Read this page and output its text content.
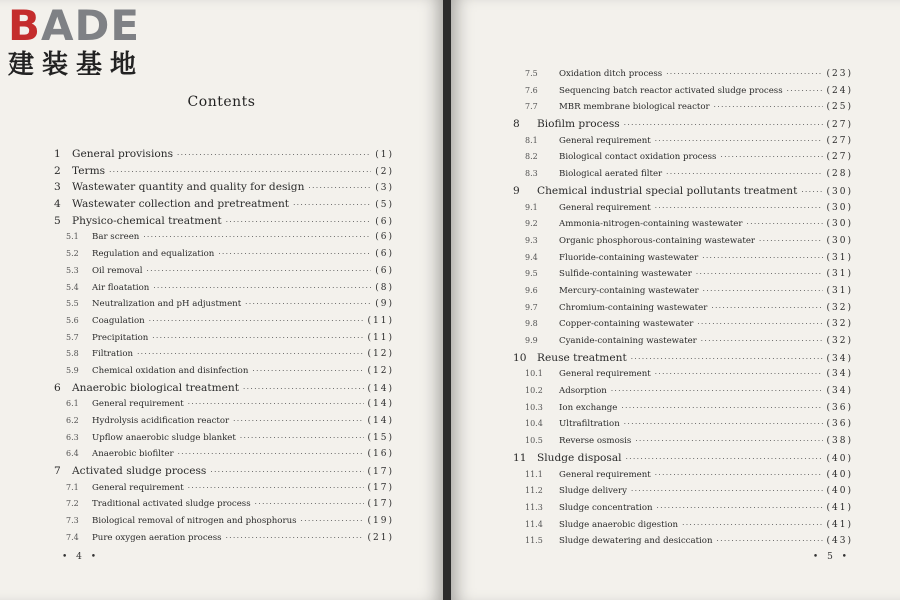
BADE
建装基地
Contents
1	General provisions ·····	(1)
2	Terms ·····	(2)
3	Wastewater quantity and quality for design ·····	(3)
4	Wastewater collection and pretreatment ·····	(5)
5	Physico-chemical treatment ·····	(6)
5.1	Bar screen ·····	(6)
5.2	Regulation and equalization ·····	(6)
5.3	Oil removal ·····	(6)
5.4	Air floatation ·····	(8)
5.5	Neutralization and pH adjustment ·····	(9)
5.6	Coagulation ·····	(11)
5.7	Precipitation ·····	(11)
5.8	Filtration ·····	(12)
5.9	Chemical oxidation and disinfection ·····	(12)
6	Anaerobic biological treatment ·····	(14)
6.1	General requirement ·····	(14)
6.2	Hydrolysis acidification reactor ·····	(14)
6.3	Upflow anaerobic sludge blanket ·····	(15)
6.4	Anaerobic biofilter ·····	(16)
7	Activated sludge process ·····	(17)
7.1	General requirement ·····	(17)
7.2	Traditional activated sludge process ·····	(17)
7.3	Biological removal of nitrogen and phosphorus ·····	(19)
7.4	Pure oxygen aeration process ·····	(21)
• 4 •
7.5	Oxidation ditch process ·····	(23)
7.6	Sequencing batch reactor activated sludge process ·····	(24)
7.7	MBR membrane biological reactor ·····	(25)
8	Biofilm process ·····	(27)
8.1	General requirement ·····	(27)
8.2	Biological contact oxidation process ·····	(27)
8.3	Biological aerated filter ·····	(28)
9	Chemical industrial special pollutants treatment ·····	(30)
9.1	General requirement ·····	(30)
9.2	Ammonia-nitrogen-containing wastewater ·····	(30)
9.3	Organic phosphorous-containing wastewater ·····	(30)
9.4	Fluoride-containing wastewater ·····	(31)
9.5	Sulfide-containing wastewater ·····	(31)
9.6	Mercury-containing wastewater ·····	(31)
9.7	Chromium-containing wastewater ·····	(32)
9.8	Copper-containing wastewater ·····	(32)
9.9	Cyanide-containing wastewater ·····	(32)
10 Reuse treatment ·····	(34)
10.1	General requirement ·····	(34)
10.2	Adsorption ·····	(34)
10.3	Ion exchange ·····	(36)
10.4	Ultrafiltration ·····	(36)
10.5	Reverse osmosis ·····	(38)
11 Sludge disposal ·····	(40)
11.1	General requirement ·····	(40)
11.2	Sludge delivery ·····	(40)
11.3	Sludge concentration ·····	(41)
11.4	Sludge anaerobic digestion ·····	(41)
11.5	Sludge dewatering and desiccation ·····	(43)
• 5 •
